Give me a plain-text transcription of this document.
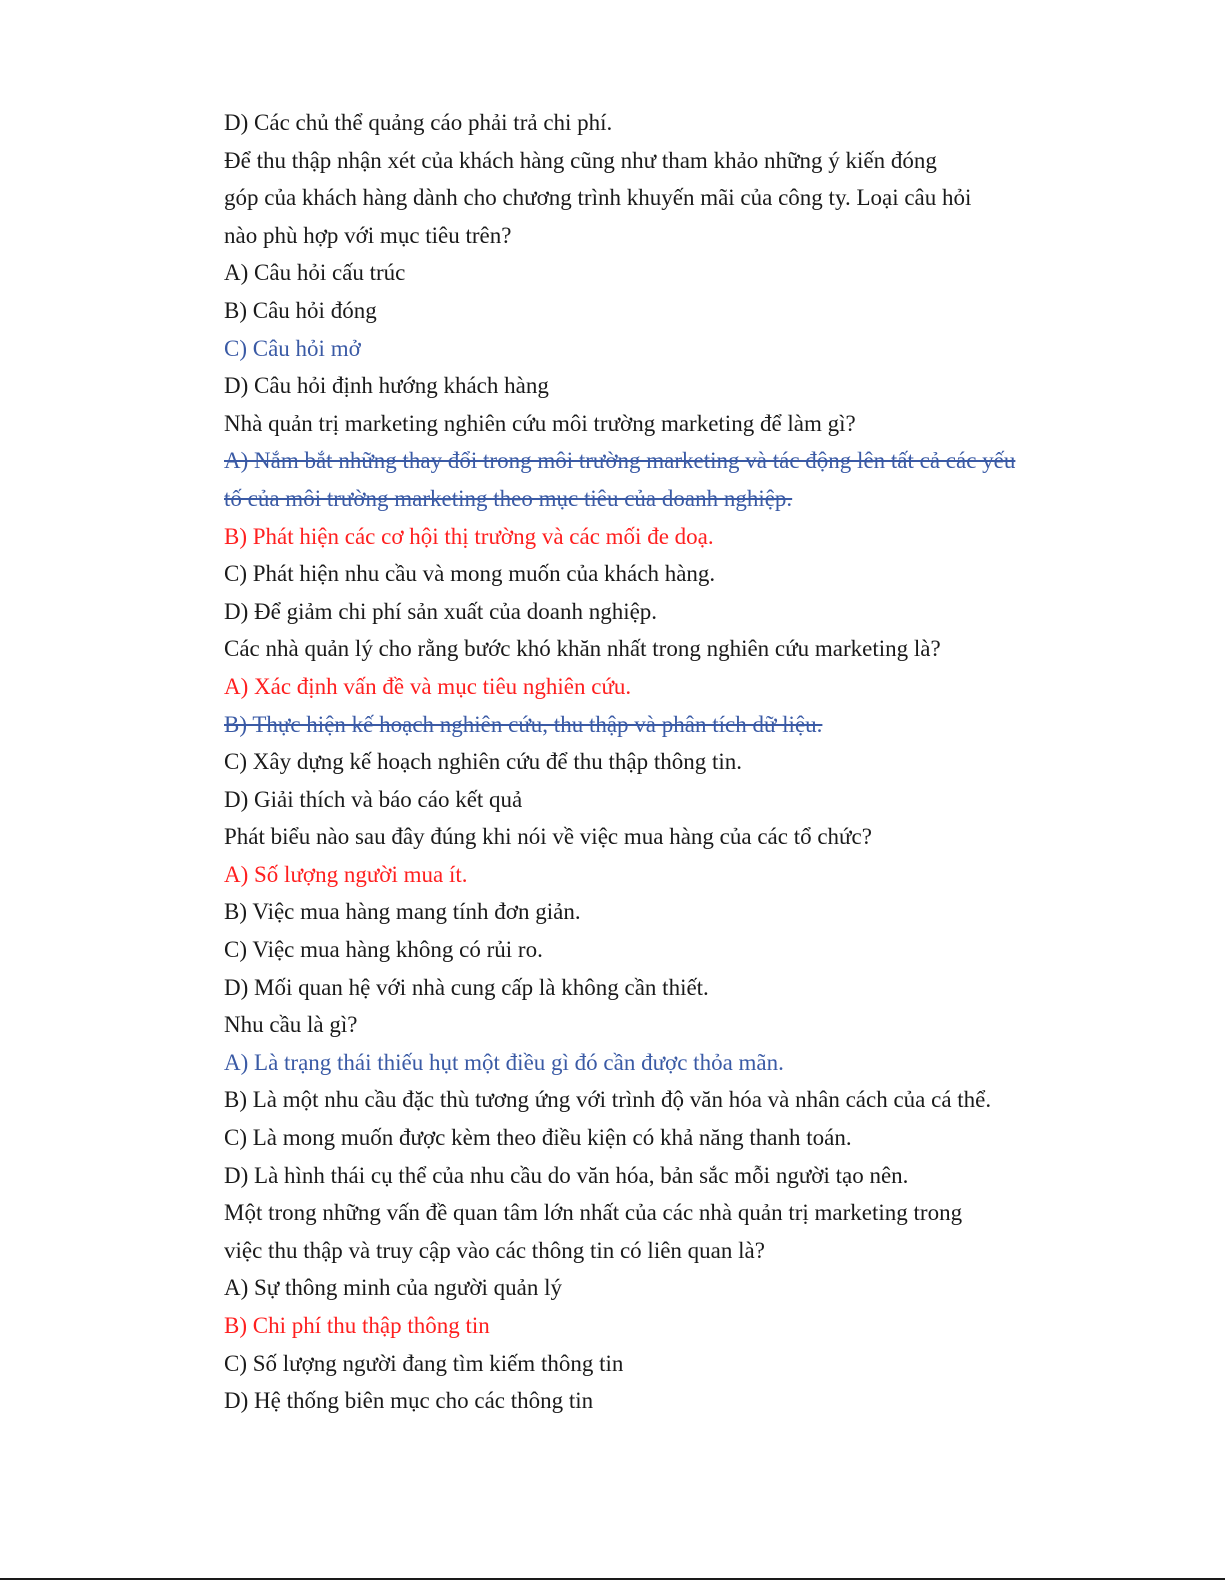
D) Các chủ thể quảng cáo phải trả chi phí.
Để thu thập nhận xét của khách hàng cũng như tham khảo những ý kiến đóng
góp của khách hàng dành cho chương trình khuyến mãi của công ty. Loại câu hỏi
nào phù hợp với mục tiêu trên?
A) Câu hỏi cấu trúc
B) Câu hỏi đóng
C) Câu hỏi mở
D) Câu hỏi định hướng khách hàng
Nhà quản trị marketing nghiên cứu môi trường marketing để làm gì?
A) Nắm bắt những thay đổi trong môi trường marketing và tác động lên tất cả các yếu
tố của môi trường marketing theo mục tiêu của doanh nghiệp.
B) Phát hiện các cơ hội thị trường và các mối đe doạ.
C) Phát hiện nhu cầu và mong muốn của khách hàng.
D) Để giảm chi phí sản xuất của doanh nghiệp.
Các nhà quản lý cho rằng bước khó khăn nhất trong nghiên cứu marketing là?
A) Xác định vấn đề và mục tiêu nghiên cứu.
B) Thực hiện kế hoạch nghiên cứu, thu thập và phân tích dữ liệu.
C) Xây dựng kế hoạch nghiên cứu để thu thập thông tin.
D) Giải thích và báo cáo kết quả
Phát biểu nào sau đây đúng khi nói về việc mua hàng của các tổ chức?
A) Số lượng người mua ít.
B) Việc mua hàng mang tính đơn giản.
C) Việc mua hàng không có rủi ro.
D) Mối quan hệ với nhà cung cấp là không cần thiết.
Nhu cầu là gì?
A) Là trạng thái thiếu hụt một điều gì đó cần được thỏa mãn.
B) Là một nhu cầu đặc thù tương ứng với trình độ văn hóa và nhân cách của cá thể.
C) Là mong muốn được kèm theo điều kiện có khả năng thanh toán.
D) Là hình thái cụ thể của nhu cầu do văn hóa, bản sắc mỗi người tạo nên.
Một trong những vấn đề quan tâm lớn nhất của các nhà quản trị marketing trong
việc thu thập và truy cập vào các thông tin có liên quan là?
A) Sự thông minh của người quản lý
B) Chi phí thu thập thông tin
C) Số lượng người đang tìm kiếm thông tin
D) Hệ thống biên mục cho các thông tin
